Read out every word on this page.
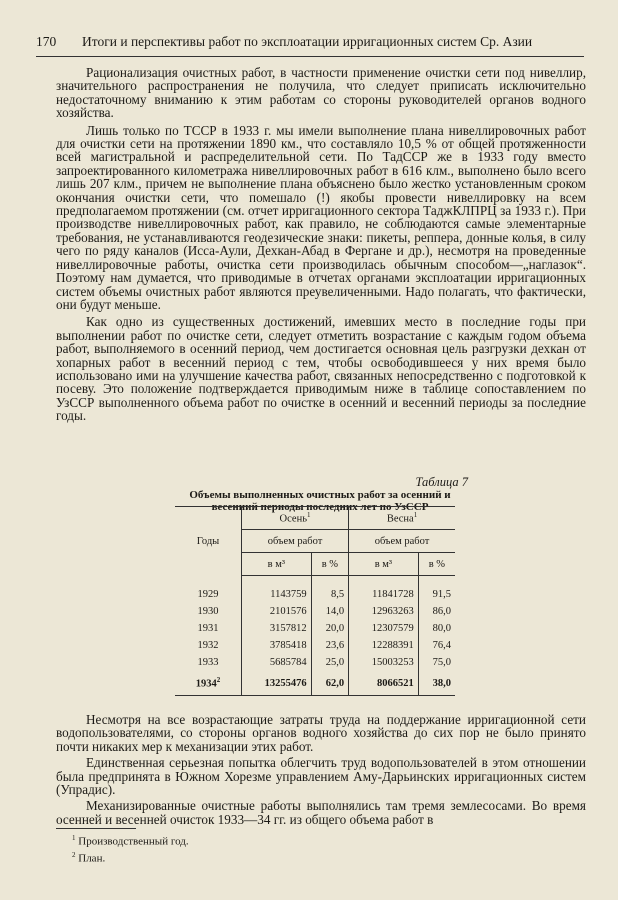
170 Итоги и перспективы работ по эксплоатации ирригационных систем Ср. Азии

Рационализация очистных работ, в частности применение очистки сети под нивеллир, значительного распространения не получила, что следует приписать исключительно недостаточному вниманию к этим работам со стороны руководителей органов водного хозяйства.

Лишь только по ТССР в 1933 г. мы имели выполнение плана нивеллировочных работ для очистки сети на протяжении 1890 км., что составляло 10,5 % от общей протяженности всей магистральной и распределительной сети. По ТадССР же в 1933 году вместо запроектированного километража нивеллировочных работ в 616 клм., выполнено было всего лишь 207 клм., причем не выполнение плана объяснено было жестко установленным сроком окончания очистки сети, что помешало (!) якобы провести нивеллировку на всем предполагаемом протяжении (см. отчет ирригационного сектора ТаджКЛПРЦ за 1933 г.). При производстве нивеллировочных работ, как правило, не соблюдаются самые элементарные требования, не устанавливаются геодезические знаки: пикеты, реппера, донные колья, в силу чего по ряду каналов (Исса-Аули, Дехкан-Абад в Фергане и др.), несмотря на проведенные нивеллировочные работы, очистка сети производилась обычным способом—„наглазок“. Поэтому нам думается, что приводимые в отчетах органами эксплоатации ирригационных систем объемы очистных работ являются преувеличенными. Надо полагать, что фактически, они будут меньше.

Как одно из существенных достижений, имевших место в последние годы при выполнении работ по очистке сети, следует отметить возрастание с каждым годом объема работ, выполняемого в осенний период, чем достигается основная цель разгрузки дехкан от хопарных работ в весенний период с тем, чтобы освободившееся у них время было использовано ими на улучшение качества работ, связанных непосредственно с подготовкой к посеву. Это положение подтверждается приводимым ниже в таблице сопоставлением по УзССР выполненного объема работ по очистке в осенний и весенний периоды за последние годы.

Таблица 7
Объемы выполненных очистных работ за осенний и весенний периоды последних лет по УзССР
Годы	Осень$^1$		Весна$^1$
	объем работ		объем работ	
	в м³	в %	в м³	в %

1929	1143759	8,5	11841728	91,5
1930	2101576	14,0	12963263	86,0
1931	3157812	20,0	12307579	80,0
1932	3785418	23,6	12288391	76,4
1933	5685784	25,0	15003253	75,0
1934$^2$	13255476	62,0	8066521	38,0

Несмотря на все возрастающие затраты труда на поддержание ирригационной сети водопользователями, со стороны органов водного хозяйства до сих пор не было принято почти никаких мер к механизации этих работ.

Единственная серьезная попытка облегчить труд водопользователей в этом отношении была предпринята в Южном Хорезме управлением Аму-Дарьинских ирригационных систем (Упрадис).

Механизированные очистные работы выполнялись там тремя землесосами. Во время осенней и весенней очисток 1933—34 гг. из общего объема работ в

$^1$ Производственный год.
$^2$ План.
